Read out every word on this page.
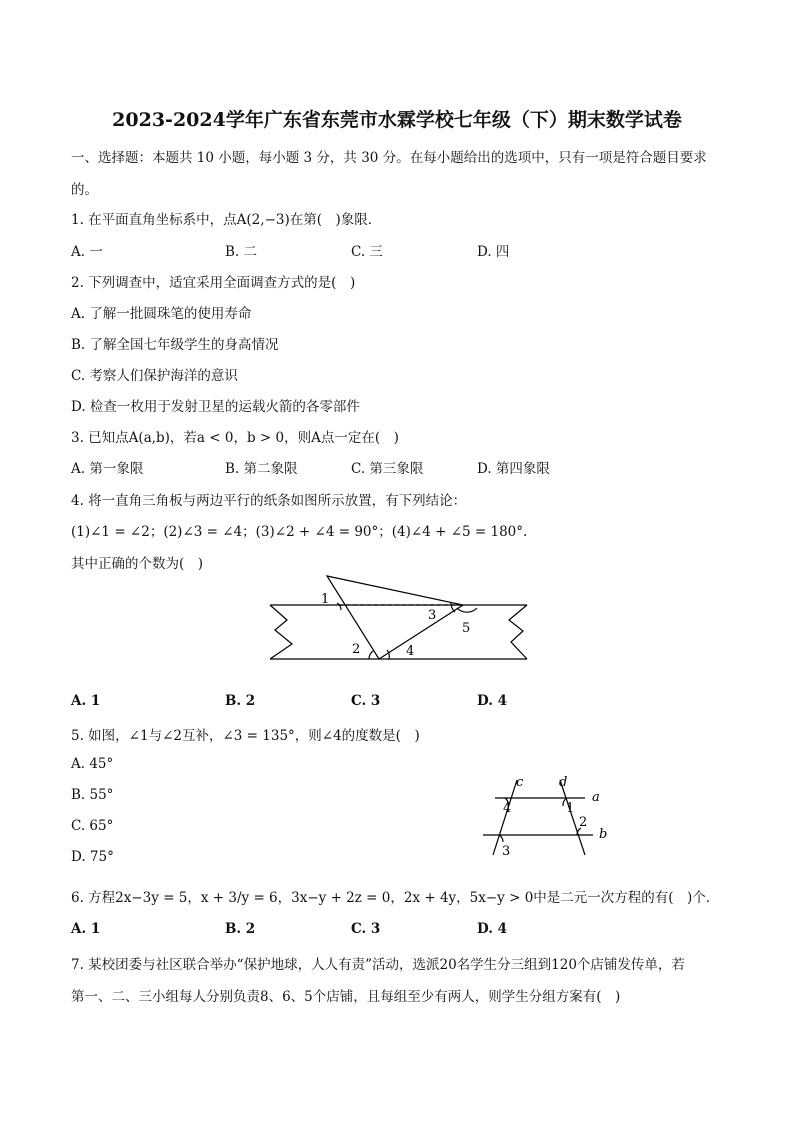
2023-2024学年广东省东莞市水霖学校七年级（下）期末数学试卷
一、选择题：本题共 10 小题，每小题 3 分，共 30 分。在每小题给出的选项中，只有一项是符合题目要求
的。
1. 在平面直角坐标系中，点A(2,−3)在第(　)象限．
A. 一	B. 二	C. 三	D. 四
2. 下列调查中，适宜采用全面调查方式的是(　)
A. 了解一批圆珠笔的使用寿命
B. 了解全国七年级学生的身高情况
C. 考察人们保护海洋的意识
D. 检查一枚用于发射卫星的运载火箭的各零部件
3. 已知点A(a,b)，若a < 0，b > 0，则A点一定在(　)
A. 第一象限	B. 第二象限	C. 第三象限	D. 第四象限
4. 将一直角三角板与两边平行的纸条如图所示放置，有下列结论：
(1)∠1 = ∠2；(2)∠3 = ∠4；(3)∠2 + ∠4 = 90°；(4)∠4 + ∠5 = 180°.
其中正确的个数为(　)
1
2
3
4
5
A. 1	B. 2	C. 3	D. 4
5. 如图，∠1与∠2互补，∠3 = 135°，则∠4的度数是(　)
A. 45°
B. 55°
C. 65°
D. 75°
c	d
a
b
1
2
3
4
6. 方程2x−3y = 5，x + 3/y = 6，3x−y + 2z = 0，2x + 4y，5x−y > 0中是二元一次方程的有(　)个．
A. 1	B. 2	C. 3	D. 4
7. 某校团委与社区联合举办“保护地球，人人有责”活动，选派20名学生分三组到120个店铺发传单，若
第一、二、三小组每人分别负责8、6、5个店铺，且每组至少有两人，则学生分组方案有(　)
